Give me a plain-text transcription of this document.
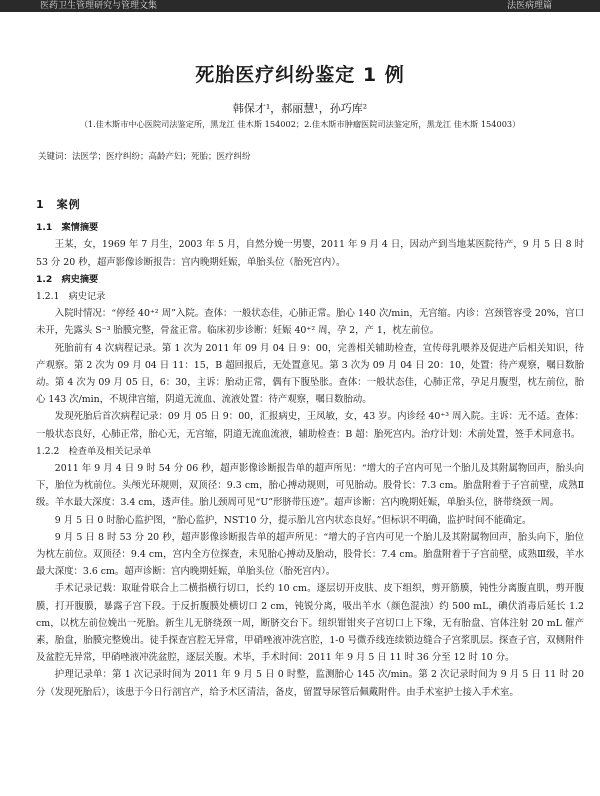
医药卫生管理研究与管理文集	法医病理篇
死胎医疗纠纷鉴定 1 例
韩保才¹，郝丽慧¹，孙巧库²
（1.佳木斯市中心医院司法鉴定所，黑龙江 佳木斯 154002；2.佳木斯市肿瘤医院司法鉴定所，黑龙江 佳木斯 154003）
关键词：法医学；医疗纠纷；高龄产妇；死胎；医疗纠纷
1　案例
1.1　案情摘要

王某，女，1969 年 7 月生，2003 年 5 月，自然分娩一男婴，2011 年 9 月 4 日，因动产到当地某医院待产，9 月 5 日 8 时 53 分 20 秒，超声影像诊断报告：宫内晚期妊娠，单胎头位（胎死宫内）。

1.2　病史摘要
1.2.1　病史记录

入院时情况：“停经 40⁺² 周”入院。查体：一般状态佳，心肺正常。胎心 140 次/min，无宫缩。内诊：宫颈管容受 20%，宫口未开，先露头 S⁻³ 胎膜完整，骨盆正常。临床初步诊断：妊娠 40⁺² 周，孕 2，产 1，枕左前位。

死胎前有 4 次病程记录。第 1 次为 2011 年 09 月 04 日 9：00，完善相关辅助检查，宣传母乳喂养及促进产后相关知识，待产观察。第 2 次为 09 月 04 日 11：15，B 超回报后，无处置意见。第 3 次为 09 月 04 日 20：10，处置：待产观察，嘱日数胎动。第 4 次为 09 月 05 日，6：30，主诉：胎动正常，偶有下腹坠胀。查体：一般状态佳，心肺正常，孕足月腹型，枕左前位，胎心 143 次/min，不规律宫缩，阴道无流血、流液处置：待产观察，嘱日数胎动。

发现死胎后首次病程记录：09 月 05 日 9：00，汇报病史，王凤敏，女，43 岁。内诊经 40⁺³ 周入院。主诉：无不适。查体：一般状态良好，心肺正常，胎心无，无宫缩，阴道无流血流液，辅助检查：B 超：胎死宫内。治疗计划：术前处置，签手术同意书。

1.2.2　检查单及相关记录单

2011 年 9 月 4 日 9 时 54 分 06 秒，超声影像诊断报告单的超声所见：“增大的子宫内可见一个胎儿及其附属物回声，胎头向下，胎位为枕前位。头颅光环规则，双顶径：9.3 cm，胎心搏动规则，可见胎动。股骨长：7.3 cm。胎盘附着于子宫前壁，成熟Ⅱ级。羊水最大深度：3.4 cm，透声佳。胎儿颈周可见“U”形脐带压迹”。超声诊断：宫内晚期妊娠，单胎头位，脐带绕颈一周。

9 月 5 日 0 时胎心监护图，“胎心监护，NST10 分，提示胎儿宫内状态良好。”但标识不明确，监护时间不能确定。

9 月 5 日 8 时 53 分 20 秒，超声影像诊断报告单的超声所见：“增大的子宫内可见一个胎儿及其附属物回声，胎头向下，胎位为枕左前位。双顶径：9.4 cm，宫内全方位探查，未见胎心搏动及胎动，股骨长：7.4 cm。胎盘附着于子宫前壁，成熟Ⅲ级，羊水最大深度：3.6 cm。超声诊断：宫内晚期妊娠，单胎头位（胎死宫内）。

手术记录记载：取耻骨联合上二横指横行切口，长约 10 cm。逐层切开皮肤、皮下组织，剪开筋膜，钝性分离腹直肌，剪开腹膜，打开腹膜，暴露子宫下段。于反折腹膜处横切口 2 cm，钝锐分离，吸出羊水（颜色混浊）约 500 mL，碘伏消毒后延长 1.2 cm，以枕左前位娩出一死胎。新生儿无脐绕颈一周，断脐交台下。纽织钳钳夹子宫切口上下缘，无有胎盘、宫体注射 20 mL 催产素，胎盘，胎膜完整娩出。徒手探查宫腔无异常，甲硝唑液冲洗宫腔，1-0 号微乔线连续锁边缝合子宫浆肌层。探查子宫，双侧附件及盆腔无异常，甲硝唑液冲洗盆腔，逐层关腹。术毕，手术时间：2011 年 9 月 5 日 11 时 36 分至 12 时 10 分。

护理记录单：第 1 次记录时间为 2011 年 9 月 5 日 0 时整，监测胎心 145 次/min。第 2 次记录时间为 9 月 5 日 11 时 20 分（发现死胎后），该患于今日行剖宫产，给予术区清洁，备皮，留置导尿管后佩戴附件。由手术室护士接入手术室。
